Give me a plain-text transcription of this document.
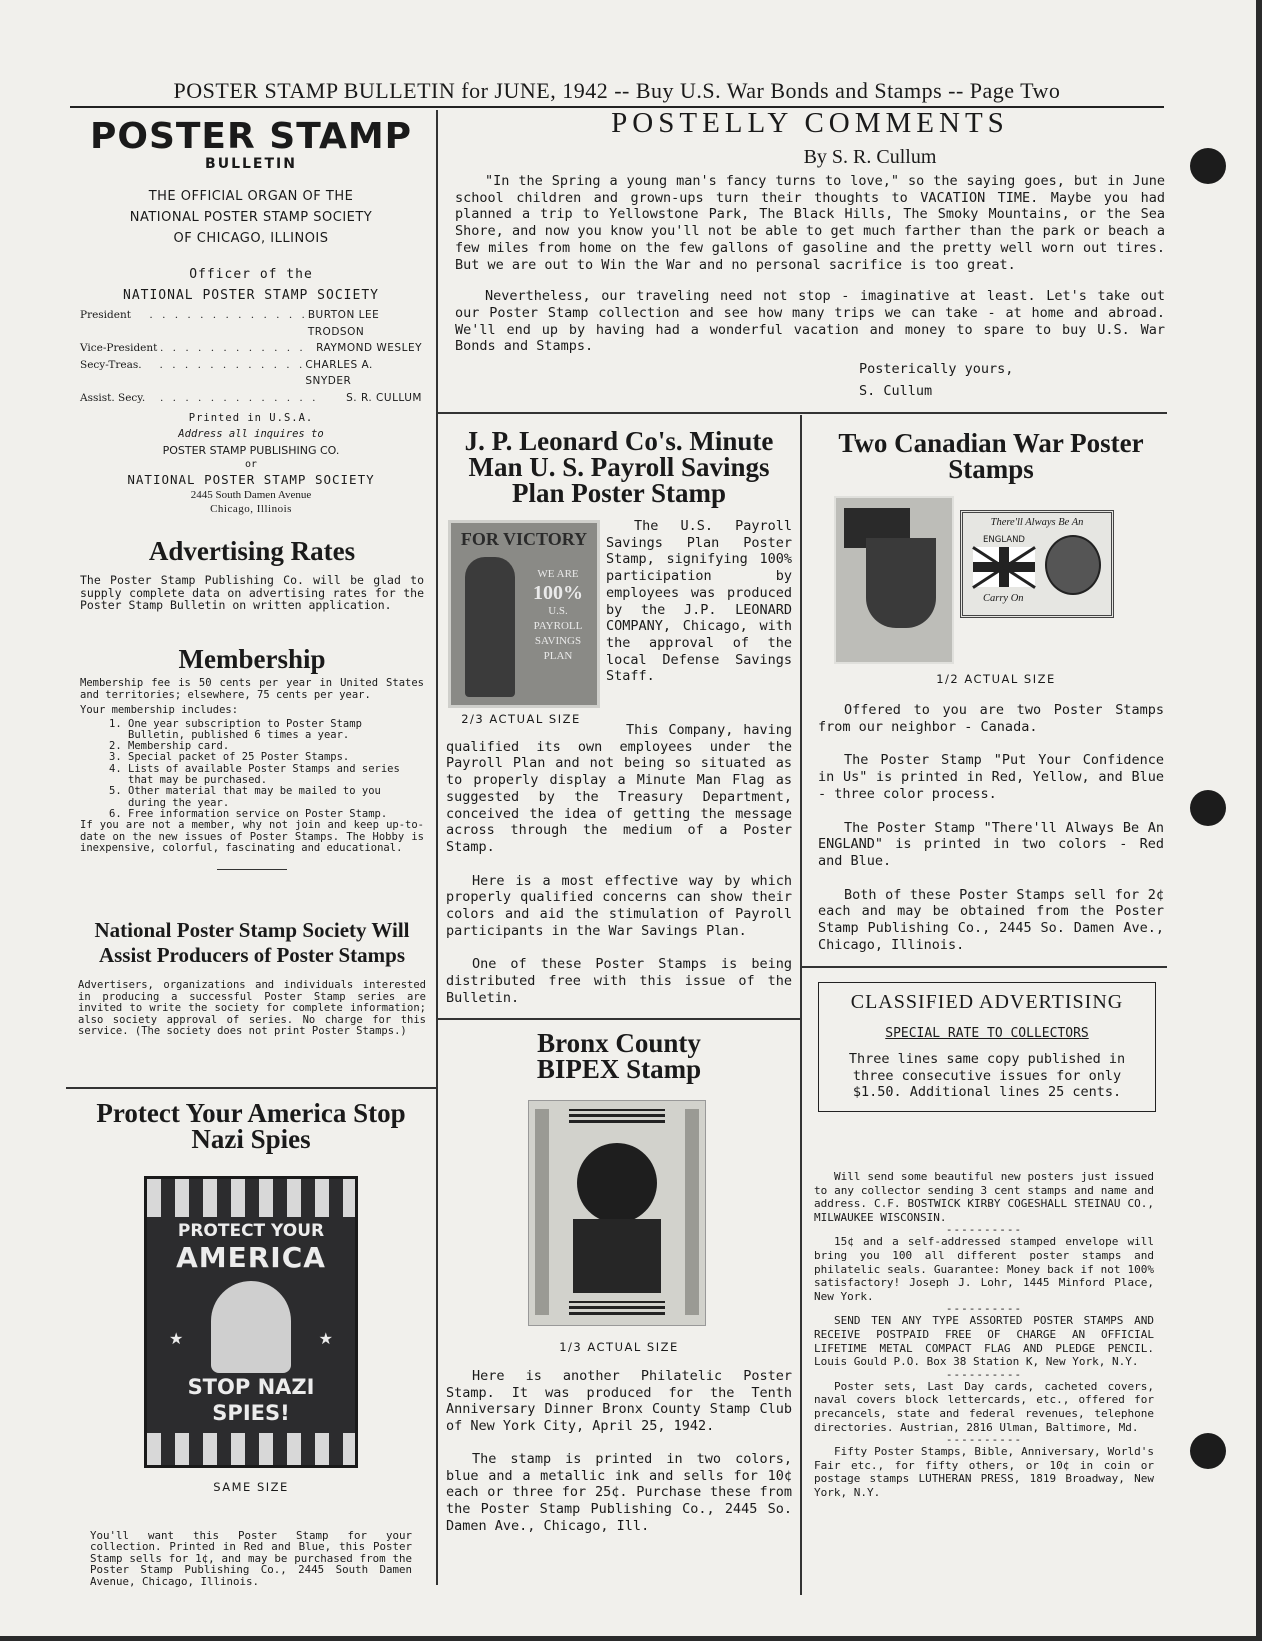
POSTER STAMP BULLETIN for JUNE, 1942 -- Buy U.S. War Bonds and Stamps -- Page Two
POSTER STAMP
BULLETIN
THE OFFICIAL ORGAN OF THE
NATIONAL POSTER STAMP SOCIETY
OF CHICAGO, ILLINOIS
Officer of the
NATIONAL POSTER STAMP SOCIETY
President	. . . . . . . . . . . . . BURTON LEE TRODSON
Vice-President . . . . . . . . . . . . RAYMOND WESLEY
Secy-Treas.	. . . . . . . . . . . . CHARLES A. SNYDER
Assist. Secy.	. . . . . . . . . . . . .	S. R. CULLUM
Printed in U.S.A.
Address all inquires to
POSTER STAMP PUBLISHING CO.
or
NATIONAL POSTER STAMP SOCIETY
2445 South Damen Avenue
Chicago, Illinois
Advertising Rates

The Poster Stamp Publishing Co. will be glad to supply complete data on advertising rates for the Poster Stamp Bulletin on written application.

Membership

Membership fee is 50 cents per year in United States and territories; elsewhere, 75 cents per year.

Your membership includes:

1. One year subscription to Poster Stamp Bulletin, published 6 times a year.
2. Membership card.
3. Special packet of 25 Poster Stamps.
4. Lists of available Poster Stamps and series that may be purchased.
5. Other material that may be mailed to you during the year.
6. Free information service on Poster Stamp.

If you are not a member, why not join and keep up-to-date on the new issues of Poster Stamps. The Hobby is inexpensive, colorful, fascinating and educational.

National Poster Stamp Society Will Assist Producers of Poster Stamps

Advertisers, organizations and individuals interested in producing a successful Poster Stamp series are invited to write the society for complete information; also society approval of series. No charge for this service. (The society does not print Poster Stamps.)

Protect Your America Stop Nazi Spies
PROTECT YOUR
AMERICA
★	★
STOP NAZI
SPIES!
SAME SIZE

You'll want this Poster Stamp for your collection. Printed in Red and Blue, this Poster Stamp sells for 1¢, and may be purchased from the Poster Stamp Publishing Co., 2445 South Damen Avenue, Chicago, Illinois.

POSTELLY COMMENTS
By S. R. Cullum

"In the Spring a young man's fancy turns to love," so the saying goes, but in June school children and grown-ups turn their thoughts to VACATION TIME. Maybe you had planned a trip to Yellowstone Park, The Black Hills, The Smoky Mountains, or the Sea Shore, and now you know you'll not be able to get much farther than the park or beach a few miles from home on the few gallons of gasoline and the pretty well worn out tires. But we are out to Win the War and no personal sacrifice is too great.

Nevertheless, our traveling need not stop - imaginative at least. Let's take out our Poster Stamp collection and see how many trips we can take - at home and abroad. We'll end up by having had a wonderful vacation and money to spare to buy U.S. War Bonds and Stamps.

Posterically yours,

S. Cullum

J. P. Leonard Co's. Minute Man U. S. Payroll Savings Plan Poster Stamp
FOR VICTORY
WE ARE
100%
U.S.
PAYROLL
SAVINGS
PLAN
2/3 ACTUAL SIZE

The U.S. Payroll Savings Plan Poster Stamp, signifying 100% participation by employees was produced by the J.P. LEONARD COMPANY, Chicago, with the approval of the local Defense Savings Staff.

This Company, having qualified its own employees under the Payroll Plan and not being so situated as to properly display a Minute Man Flag as suggested by the Treasury Department, conceived the idea of getting the message across through the medium of a Poster Stamp.

Here is a most effective way by which properly qualified concerns can show their colors and aid the stimulation of Payroll participants in the War Savings Plan.

One of these Poster Stamps is being distributed free with this issue of the Bulletin.

Bronx County BIPEX Stamp
1/3 ACTUAL SIZE

Here is another Philatelic Poster Stamp. It was produced for the Tenth Anniversary Dinner Bronx County Stamp Club of New York City, April 25, 1942.

The stamp is printed in two colors, blue and a metallic ink and sells for 10¢ each or three for 25¢. Purchase these from the Poster Stamp Publishing Co., 2445 So. Damen Ave., Chicago, Ill.

Two Canadian War Poster Stamps
There'll Always Be An
ENGLAND
Carry On
1/2 ACTUAL SIZE

Offered to you are two Poster Stamps from our neighbor - Canada.

The Poster Stamp "Put Your Confidence in Us" is printed in Red, Yellow, and Blue - three color process.

The Poster Stamp "There'll Always Be An ENGLAND" is printed in two colors - Red and Blue.

Both of these Poster Stamps sell for 2¢ each and may be obtained from the Poster Stamp Publishing Co., 2445 So. Damen Ave., Chicago, Illinois.

CLASSIFIED ADVERTISING
SPECIAL RATE TO COLLECTORS

Three lines same copy published in three consecutive issues for only $1.50. Additional lines 25 cents.

Will send some beautiful new posters just issued to any collector sending 3 cent stamps and name and address. C.F. BOSTWICK KIRBY COGESHALL STEINAU CO., MILWAUKEE WISCONSIN.

----------

15¢ and a self-addressed stamped envelope will bring you 100 all different poster stamps and philatelic seals. Guarantee: Money back if not 100% satisfactory! Joseph J. Lohr, 1445 Minford Place, New York.

----------

SEND TEN ANY TYPE ASSORTED POSTER STAMPS AND RECEIVE POSTPAID FREE OF CHARGE AN OFFICIAL LIFETIME METAL COMPACT FLAG AND PLEDGE PENCIL. Louis Gould P.O. Box 38 Station K, New York, N.Y.

----------

Poster sets, Last Day cards, cacheted covers, naval covers block lettercards, etc., offered for precancels, state and federal revenues, telephone directories. Austrian, 2816 Ulman, Baltimore, Md.

----------

Fifty Poster Stamps, Bible, Anniversary, World's Fair etc., for fifty others, or 10¢ in coin or postage stamps LUTHERAN PRESS, 1819 Broadway, New York, N.Y.
